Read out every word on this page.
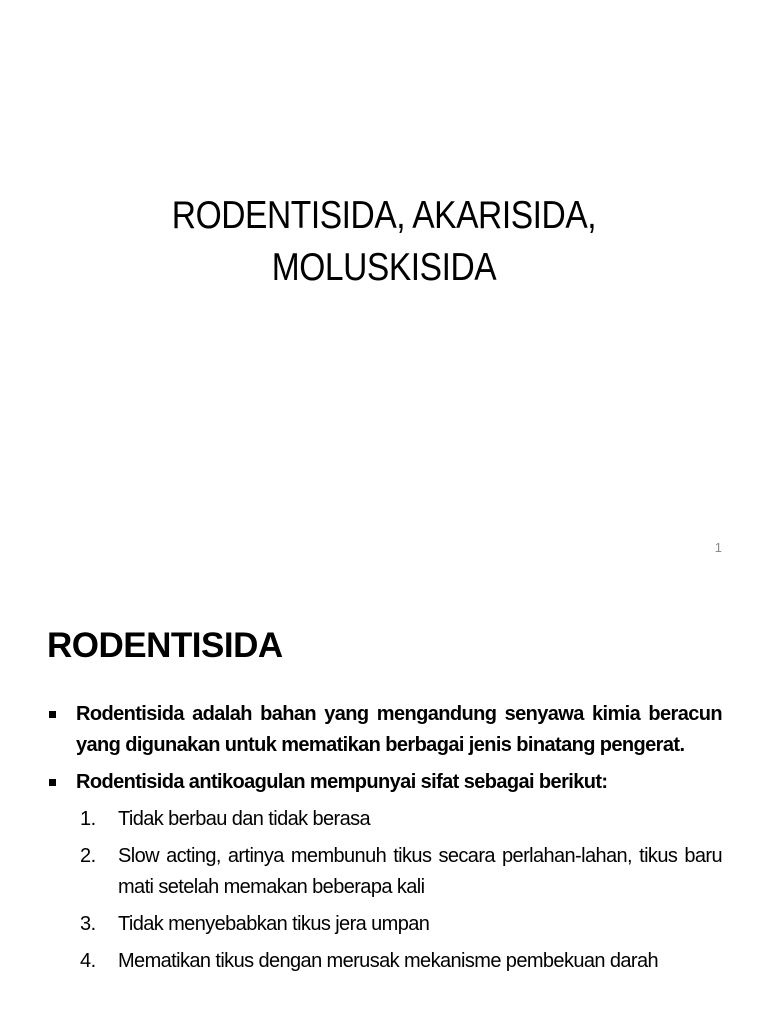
RODENTISIDA, AKARISIDA,
MOLUSKISIDA
1
RODENTISIDA
Rodentisida adalah bahan yang mengandung senyawa kimia beracun yang digunakan untuk mematikan berbagai jenis binatang pengerat.
Rodentisida antikoagulan mempunyai sifat sebagai berikut:
1. Tidak berbau dan tidak berasa
2. Slow acting, artinya membunuh tikus secara perlahan-lahan, tikus baru mati setelah memakan beberapa kali
3. Tidak menyebabkan tikus jera umpan
4. Mematikan tikus dengan merusak mekanisme pembekuan darah
